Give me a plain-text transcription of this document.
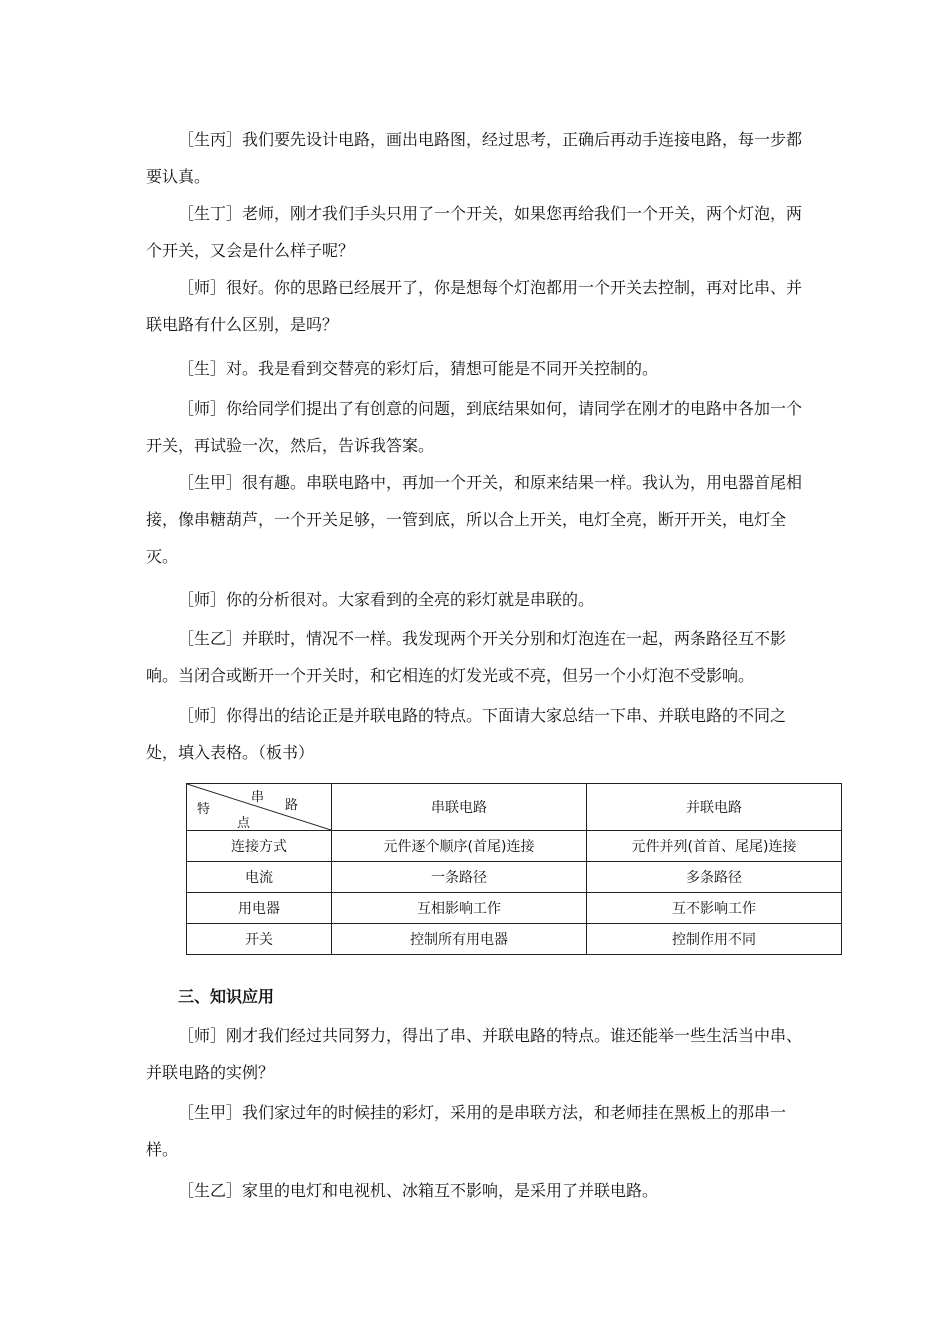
［生丙］我们要先设计电路，画出电路图，经过思考，正确后再动手连接电路，每一步都要认真。

［生丁］老师，刚才我们手头只用了一个开关，如果您再给我们一个开关，两个灯泡，两个开关，又会是什么样子呢？

［师］很好。你的思路已经展开了，你是想每个灯泡都用一个开关去控制，再对比串、并联电路有什么区别，是吗？

［生］对。我是看到交替亮的彩灯后，猜想可能是不同开关控制的。

［师］你给同学们提出了有创意的问题，到底结果如何，请同学在刚才的电路中各加一个开关，再试验一次，然后，告诉我答案。

［生甲］很有趣。串联电路中，再加一个开关，和原来结果一样。我认为，用电器首尾相接，像串糖葫芦，一个开关足够，一管到底，所以合上开关，电灯全亮，断开开关，电灯全灭。

［师］你的分析很对。大家看到的全亮的彩灯就是串联的。

［生乙］并联时，情况不一样。我发现两个开关分别和灯泡连在一起，两条路径互不影响。当闭合或断开一个开关时，和它相连的灯发光或不亮，但另一个小灯泡不受影响。

［师］你得出的结论正是并联电路的特点。下面请大家总结一下串、并联电路的不同之处，填入表格。（板书）

串
路
特
点	串联电路	并联电路
连接方式	元件逐个顺序(首尾)连接	元件并列(首首、尾尾)连接
电流	一条路径	多条路径
用电器	互相影响工作	互不影响工作
开关	控制所有用电器	控制作用不同

三、知识应用

［师］刚才我们经过共同努力，得出了串、并联电路的特点。谁还能举一些生活当中串、并联电路的实例？

［生甲］我们家过年的时候挂的彩灯，采用的是串联方法，和老师挂在黑板上的那串一样。

［生乙］家里的电灯和电视机、冰箱互不影响，是采用了并联电路。
